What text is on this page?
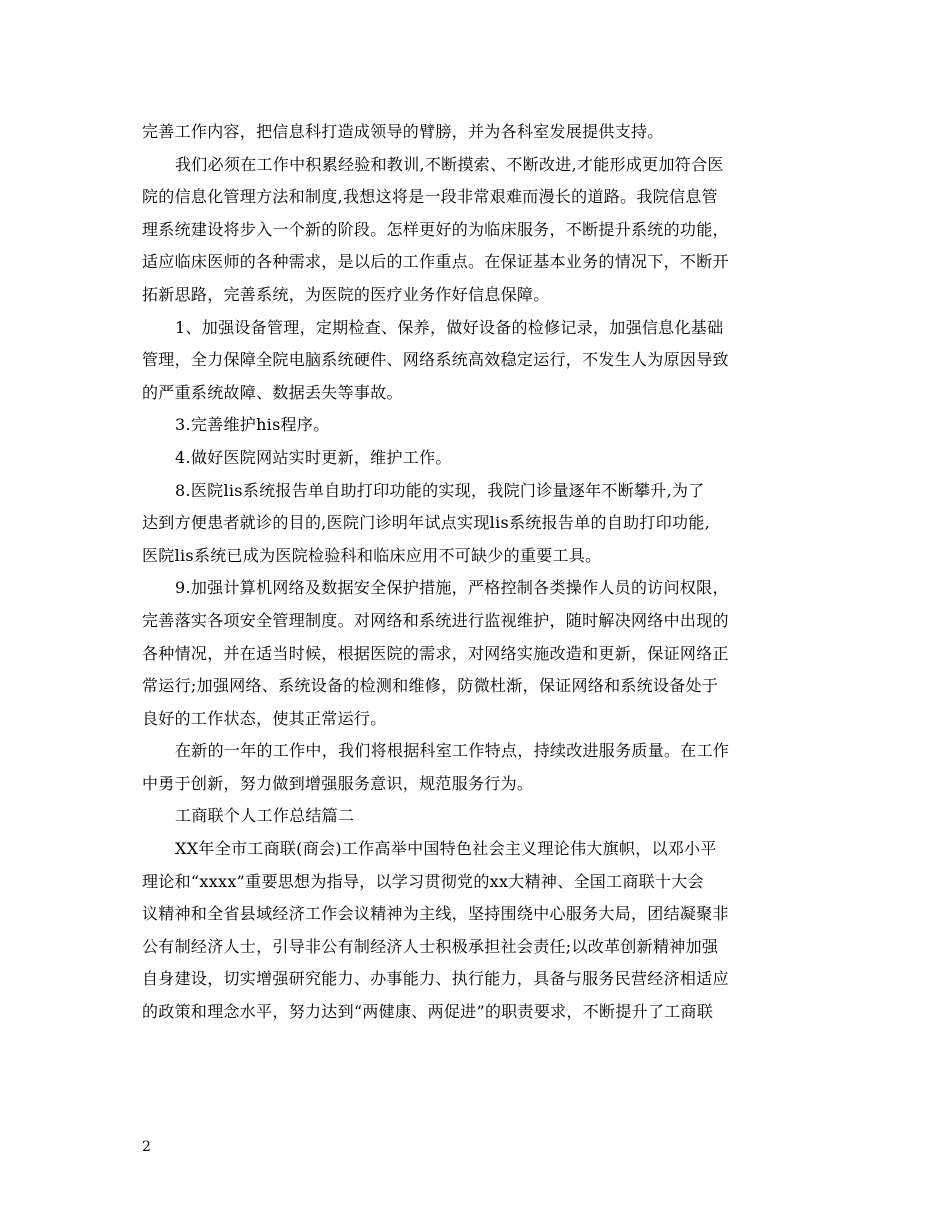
完善工作内容，把信息科打造成领导的臂膀，并为各科室发展提供支持。
我们必须在工作中积累经验和教训,不断摸索、不断改进,才能形成更加符合医
院的信息化管理方法和制度,我想这将是一段非常艰难而漫长的道路。我院信息管
理系统建设将步入一个新的阶段。怎样更好的为临床服务，不断提升系统的功能，
适应临床医师的各种需求，是以后的工作重点。在保证基本业务的情况下，不断开
拓新思路，完善系统，为医院的医疗业务作好信息保障。
1、加强设备管理，定期检查、保养，做好设备的检修记录，加强信息化基础
管理，全力保障全院电脑系统硬件、网络系统高效稳定运行，不发生人为原因导致
的严重系统故障、数据丢失等事故。
3.完善维护his程序。
4.做好医院网站实时更新，维护工作。
8.医院lis系统报告单自助打印功能的实现，我院门诊量逐年不断攀升,为了
达到方便患者就诊的目的,医院门诊明年试点实现lis系统报告单的自助打印功能,
医院lis系统已成为医院检验科和临床应用不可缺少的重要工具。
9.加强计算机网络及数据安全保护措施，严格控制各类操作人员的访问权限，
完善落实各项安全管理制度。对网络和系统进行监视维护，随时解决网络中出现的
各种情况，并在适当时候，根据医院的需求，对网络实施改造和更新，保证网络正
常运行;加强网络、系统设备的检测和维修，防微杜渐，保证网络和系统设备处于
良好的工作状态，使其正常运行。
在新的一年的工作中，我们将根据科室工作特点，持续改进服务质量。在工作
中勇于创新，努力做到增强服务意识，规范服务行为。
工商联个人工作总结篇二
XX年全市工商联(商会)工作高举中国特色社会主义理论伟大旗帜，以邓小平
理论和“xxxx”重要思想为指导，以学习贯彻党的xx大精神、全国工商联十大会
议精神和全省县域经济工作会议精神为主线，坚持围绕中心服务大局，团结凝聚非
公有制经济人士，引导非公有制经济人士积极承担社会责任;以改革创新精神加强
自身建设，切实增强研究能力、办事能力、执行能力，具备与服务民营经济相适应
的政策和理念水平，努力达到“两健康、两促进”的职责要求，不断提升了工商联
2
